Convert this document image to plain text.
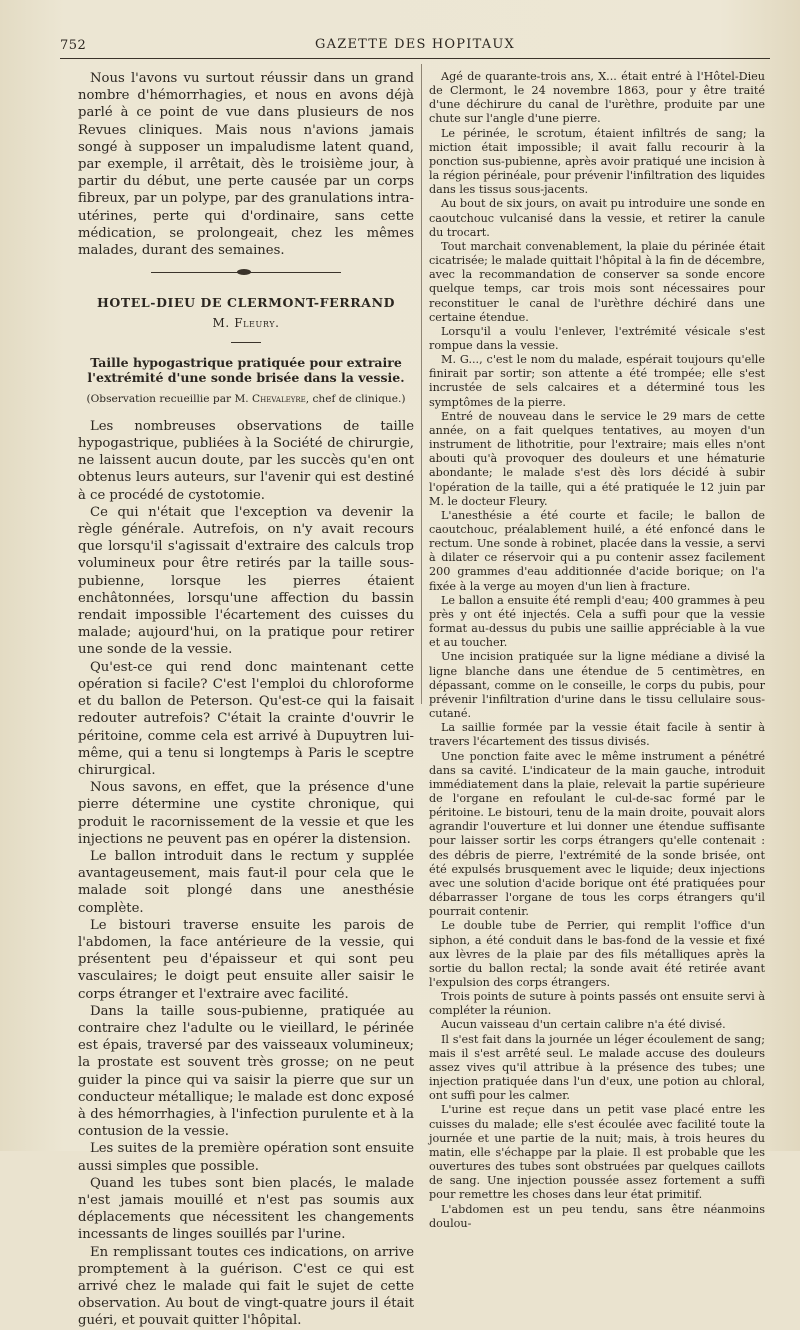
752	GAZETTE DES HOPITAUX

Nous l'avons vu surtout réussir dans un grand nombre d'hémorrhagies, et nous en avons déjà parlé à ce point de vue dans plusieurs de nos Revues cliniques. Mais nous n'avions jamais songé à supposer un impaludisme latent quand, par exemple, il arrêtait, dès le troisième jour, à partir du début, une perte causée par un corps fibreux, par un polype, par des granulations intra-utérines, perte qui d'ordinaire, sans cette médication, se prolongeait, chez les mêmes malades, durant des semaines.

HOTEL-DIEU DE CLERMONT-FERRAND
M. Fleury.
Taille hypogastrique pratiquée pour extraire l'extrémité d'une sonde brisée dans la vessie.
(Observation recueillie par M. Chevaleyre, chef de clinique.)

Les nombreuses observations de taille hypogastrique, publiées à la Société de chirurgie, ne laissent aucun doute, par les succès qu'en ont obtenus leurs auteurs, sur l'avenir qui est destiné à ce procédé de cystotomie.

Ce qui n'était que l'exception va devenir la règle générale. Autrefois, on n'y avait recours que lorsqu'il s'agissait d'extraire des calculs trop volumineux pour être retirés par la taille sous-pubienne, lorsque les pierres étaient enchâtonnées, lorsqu'une affection du bassin rendait impossible l'écartement des cuisses du malade; aujourd'hui, on la pratique pour retirer une sonde de la vessie.

Qu'est-ce qui rend donc maintenant cette opération si facile? C'est l'emploi du chloroforme et du ballon de Peterson. Qu'est-ce qui la faisait redouter autrefois? C'était la crainte d'ouvrir le péritoine, comme cela est arrivé à Dupuytren lui-même, qui a tenu si longtemps à Paris le sceptre chirurgical.

Nous savons, en effet, que la présence d'une pierre détermine une cystite chronique, qui produit le racornissement de la vessie et que les injections ne peuvent pas en opérer la distension.

Le ballon introduit dans le rectum y supplée avantageusement, mais faut-il pour cela que le malade soit plongé dans une anesthésie complète.

Le bistouri traverse ensuite les parois de l'abdomen, la face antérieure de la vessie, qui présentent peu d'épaisseur et qui sont peu vasculaires; le doigt peut ensuite aller saisir le corps étranger et l'extraire avec facilité.

Dans la taille sous-pubienne, pratiquée au contraire chez l'adulte ou le vieillard, le périnée est épais, traversé par des vaisseaux volumineux; la prostate est souvent très grosse; on ne peut guider la pince qui va saisir la pierre que sur un conducteur métallique; le malade est donc exposé à des hémorrhagies, à l'infection purulente et à la contusion de la vessie.

Les suites de la première opération sont ensuite aussi simples que possible.

Quand les tubes sont bien placés, le malade n'est jamais mouillé et n'est pas soumis aux déplacements que nécessitent les changements incessants de linges souillés par l'urine.

En remplissant toutes ces indications, on arrive promptement à la guérison. C'est ce qui est arrivé chez le malade qui fait le sujet de cette observation. Au bout de vingt-quatre jours il était guéri, et pouvait quitter l'hôpital.

Agé de quarante-trois ans, X... était entré à l'Hôtel-Dieu de Clermont, le 24 novembre 1863, pour y être traité d'une déchirure du canal de l'urèthre, produite par une chute sur l'angle d'une pierre.

Le périnée, le scrotum, étaient infiltrés de sang; la miction était impossible; il avait fallu recourir à la ponction sus-pubienne, après avoir pratiqué une incision à la région périnéale, pour prévenir l'infiltration des liquides dans les tissus sous-jacents.

Au bout de six jours, on avait pu introduire une sonde en caoutchouc vulcanisé dans la vessie, et retirer la canule du trocart.

Tout marchait convenablement, la plaie du périnée était cicatrisée; le malade quittait l'hôpital à la fin de décembre, avec la recommandation de conserver sa sonde encore quelque temps, car trois mois sont nécessaires pour reconstituer le canal de l'urèthre déchiré dans une certaine étendue.

Lorsqu'il a voulu l'enlever, l'extrémité vésicale s'est rompue dans la vessie.

M. G..., c'est le nom du malade, espérait toujours qu'elle finirait par sortir; son attente a été trompée; elle s'est incrustée de sels calcaires et a déterminé tous les symptômes de la pierre.

Entré de nouveau dans le service le 29 mars de cette année, on a fait quelques tentatives, au moyen d'un instrument de lithotritie, pour l'extraire; mais elles n'ont abouti qu'à provoquer des douleurs et une hématurie abondante; le malade s'est dès lors décidé à subir l'opération de la taille, qui a été pratiquée le 12 juin par M. le docteur Fleury.

L'anesthésie a été courte et facile; le ballon de caoutchouc, préalablement huilé, a été enfoncé dans le rectum. Une sonde à robinet, placée dans la vessie, a servi à dilater ce réservoir qui a pu contenir assez facilement 200 grammes d'eau additionnée d'acide borique; on l'a fixée à la verge au moyen d'un lien à fracture.

Le ballon a ensuite été rempli d'eau; 400 grammes à peu près y ont été injectés. Cela a suffi pour que la vessie format au-dessus du pubis une saillie appréciable à la vue et au toucher.

Une incision pratiquée sur la ligne médiane a divisé la ligne blanche dans une étendue de 5 centimètres, en dépassant, comme on le conseille, le corps du pubis, pour prévenir l'infiltration d'urine dans le tissu cellulaire sous-cutané.

La saillie formée par la vessie était facile à sentir à travers l'écartement des tissus divisés.

Une ponction faite avec le même instrument a pénétré dans sa cavité. L'indicateur de la main gauche, introduit immédiatement dans la plaie, relevait la partie supérieure de l'organe en refoulant le cul-de-sac formé par le péritoine. Le bistouri, tenu de la main droite, pouvait alors agrandir l'ouverture et lui donner une étendue suffisante pour laisser sortir les corps étrangers qu'elle contenait : des débris de pierre, l'extrémité de la sonde brisée, ont été expulsés brusquement avec le liquide; deux injections avec une solution d'acide borique ont été pratiquées pour débarrasser l'organe de tous les corps étrangers qu'il pourrait contenir.

Le double tube de Perrier, qui remplit l'office d'un siphon, a été conduit dans le bas-fond de la vessie et fixé aux lèvres de la plaie par des fils métalliques après la sortie du ballon rectal; la sonde avait été retirée avant l'expulsion des corps étrangers.

Trois points de suture à points passés ont ensuite servi à compléter la réunion.

Aucun vaisseau d'un certain calibre n'a été divisé.

Il s'est fait dans la journée un léger écoulement de sang; mais il s'est arrêté seul. Le malade accuse des douleurs assez vives qu'il attribue à la présence des tubes; une injection pratiquée dans l'un d'eux, une potion au chloral, ont suffi pour les calmer.

L'urine est reçue dans un petit vase placé entre les cuisses du malade; elle s'est écoulée avec facilité toute la journée et une partie de la nuit; mais, à trois heures du matin, elle s'échappe par la plaie. Il est probable que les ouvertures des tubes sont obstruées par quelques caillots de sang. Une injection poussée assez fortement a suffi pour remettre les choses dans leur état primitif.

L'abdomen est un peu tendu, sans être néanmoins doulou-
